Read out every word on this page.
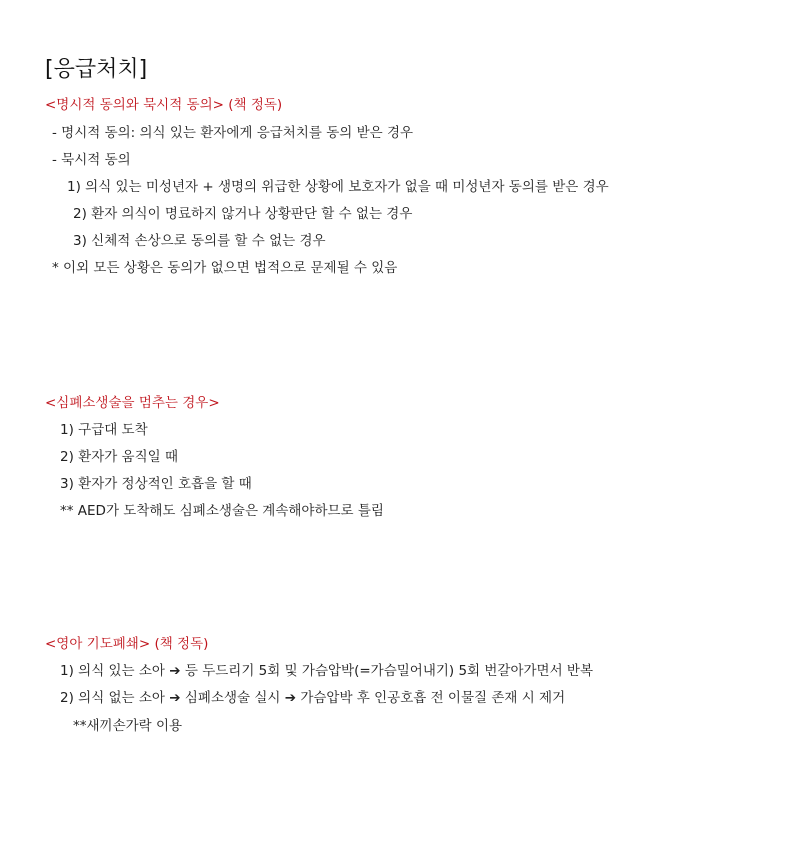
[응급처치]
<명시적 동의와 묵시적 동의> (책 정독)
- 명시적 동의: 의식 있는 환자에게 응급처치를 동의 받은 경우
- 묵시적 동의
1) 의식 있는 미성년자 + 생명의 위급한 상황에 보호자가 없을 때 미성년자 동의를 받은 경우
2) 환자 의식이 명료하지 않거나 상황판단 할 수 없는 경우
3) 신체적 손상으로 동의를 할 수 없는 경우
* 이외 모든 상황은 동의가 없으면 법적으로 문제될 수 있음
<심폐소생술을 멈추는 경우>
1) 구급대 도착
2) 환자가 움직일 때
3) 환자가 정상적인 호흡을 할 때
** AED가 도착해도 심폐소생술은 계속해야하므로 틀림
<영아 기도폐쇄> (책 정독)
1) 의식 있는 소아 ➔ 등 두드리기 5회 및 가슴압박(=가슴밀어내기) 5회 번갈아가면서 반복
2) 의식 없는 소아 ➔ 심폐소생술 실시 ➔ 가슴압박 후 인공호흡 전 이물질 존재 시 제거
**새끼손가락 이용
